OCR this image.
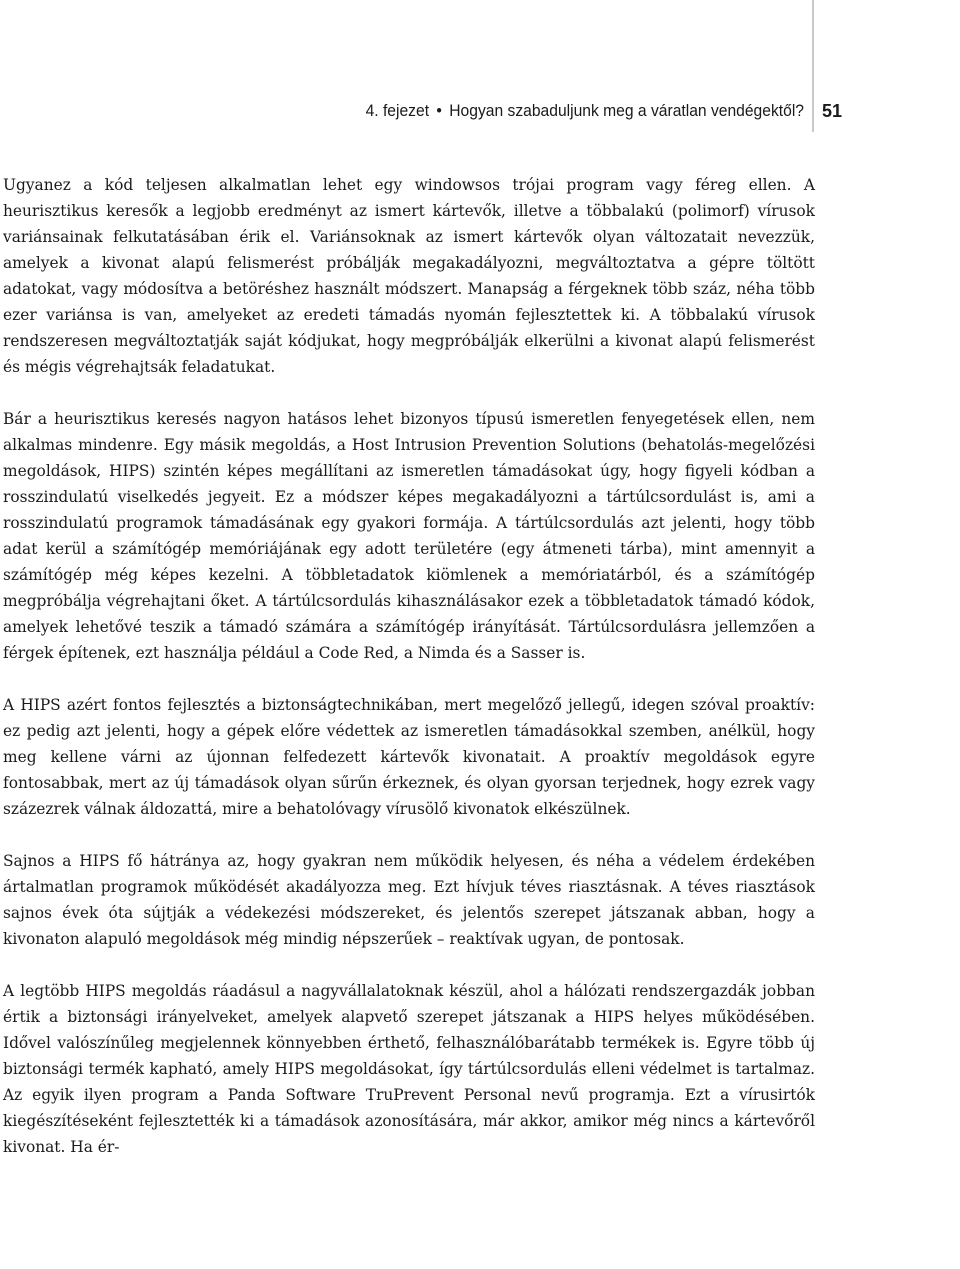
4. fejezet • Hogyan szabaduljunk meg a váratlan vendégektől? 51

Ugyanez a kód teljesen alkalmatlan lehet egy windowsos trójai program vagy féreg ellen. A heurisztikus keresők a legjobb eredményt az ismert kártevők, illetve a többalakú (polimorf) vírusok variánsainak felkutatásában érik el. Variánsoknak az ismert kártevők olyan változatait nevezzük, amelyek a kivonat alapú felismerést próbálják megakadályozni, megváltoztatva a gépre töltött adatokat, vagy módosítva a betöréshez használt módszert. Manapság a férgeknek több száz, néha több ezer variánsa is van, amelyeket az eredeti támadás nyomán fejlesztettek ki. A többalakú vírusok rendszeresen megváltoztatják saját kódjukat, hogy megpróbálják elkerülni a kivonat alapú felismerést és mégis végrehajtsák feladatukat.

Bár a heurisztikus keresés nagyon hatásos lehet bizonyos típusú ismeretlen fenyegetések ellen, nem alkalmas mindenre. Egy másik megoldás, a Host Intrusion Prevention Solutions (behatolás-megelőzési megoldások, HIPS) szintén képes megállítani az ismeretlen támadásokat úgy, hogy figyeli kódban a rosszindulatú viselkedés jegyeit. Ez a módszer képes megakadályozni a tártúlcsordulást is, ami a rosszindulatú programok támadásának egy gyakori formája. A tártúlcsordulás azt jelenti, hogy több adat kerül a számítógép memóriájának egy adott területére (egy átmeneti tárba), mint amennyit a számítógép még képes kezelni. A többletadatok kiömlenek a memóriatárból, és a számítógép megpróbálja végrehajtani őket. A tártúlcsordulás kihasználásakor ezek a többletadatok támadó kódok, amelyek lehetővé teszik a támadó számára a számítógép irányítását. Tártúlcsordulásra jellemzően a férgek építenek, ezt használja például a Code Red, a Nimda és a Sasser is.

A HIPS azért fontos fejlesztés a biztonságtechnikában, mert megelőző jellegű, idegen szóval proaktív: ez pedig azt jelenti, hogy a gépek előre védettek az ismeretlen támadásokkal szemben, anélkül, hogy meg kellene várni az újonnan felfedezett kártevők kivonatait. A proaktív megoldások egyre fontosabbak, mert az új támadások olyan sűrűn érkeznek, és olyan gyorsan terjednek, hogy ezrek vagy százezrek válnak áldozattá, mire a behatolóvagy vírusölő kivonatok elkészülnek.

Sajnos a HIPS fő hátránya az, hogy gyakran nem működik helyesen, és néha a védelem érdekében ártalmatlan programok működését akadályozza meg. Ezt hívjuk téves riasztásnak. A téves riasztások sajnos évek óta sújtják a védekezési módszereket, és jelentős szerepet játszanak abban, hogy a kivonaton alapuló megoldások még mindig népszerűek – reaktívak ugyan, de pontosak.

A legtöbb HIPS megoldás ráadásul a nagyvállalatoknak készül, ahol a hálózati rendszergazdák jobban értik a biztonsági irányelveket, amelyek alapvető szerepet játszanak a HIPS helyes működésében. Idővel valószínűleg megjelennek könnyebben érthető, felhasználóbarátabb termékek is. Egyre több új biztonsági termék kapható, amely HIPS megoldásokat, így tártúlcsordulás elleni védelmet is tartalmaz. Az egyik ilyen program a Panda Software TruPrevent Personal nevű programja. Ezt a vírusirtók kiegészítéseként fejlesztették ki a támadások azonosítására, már akkor, amikor még nincs a kártevőről kivonat. Ha ér-
